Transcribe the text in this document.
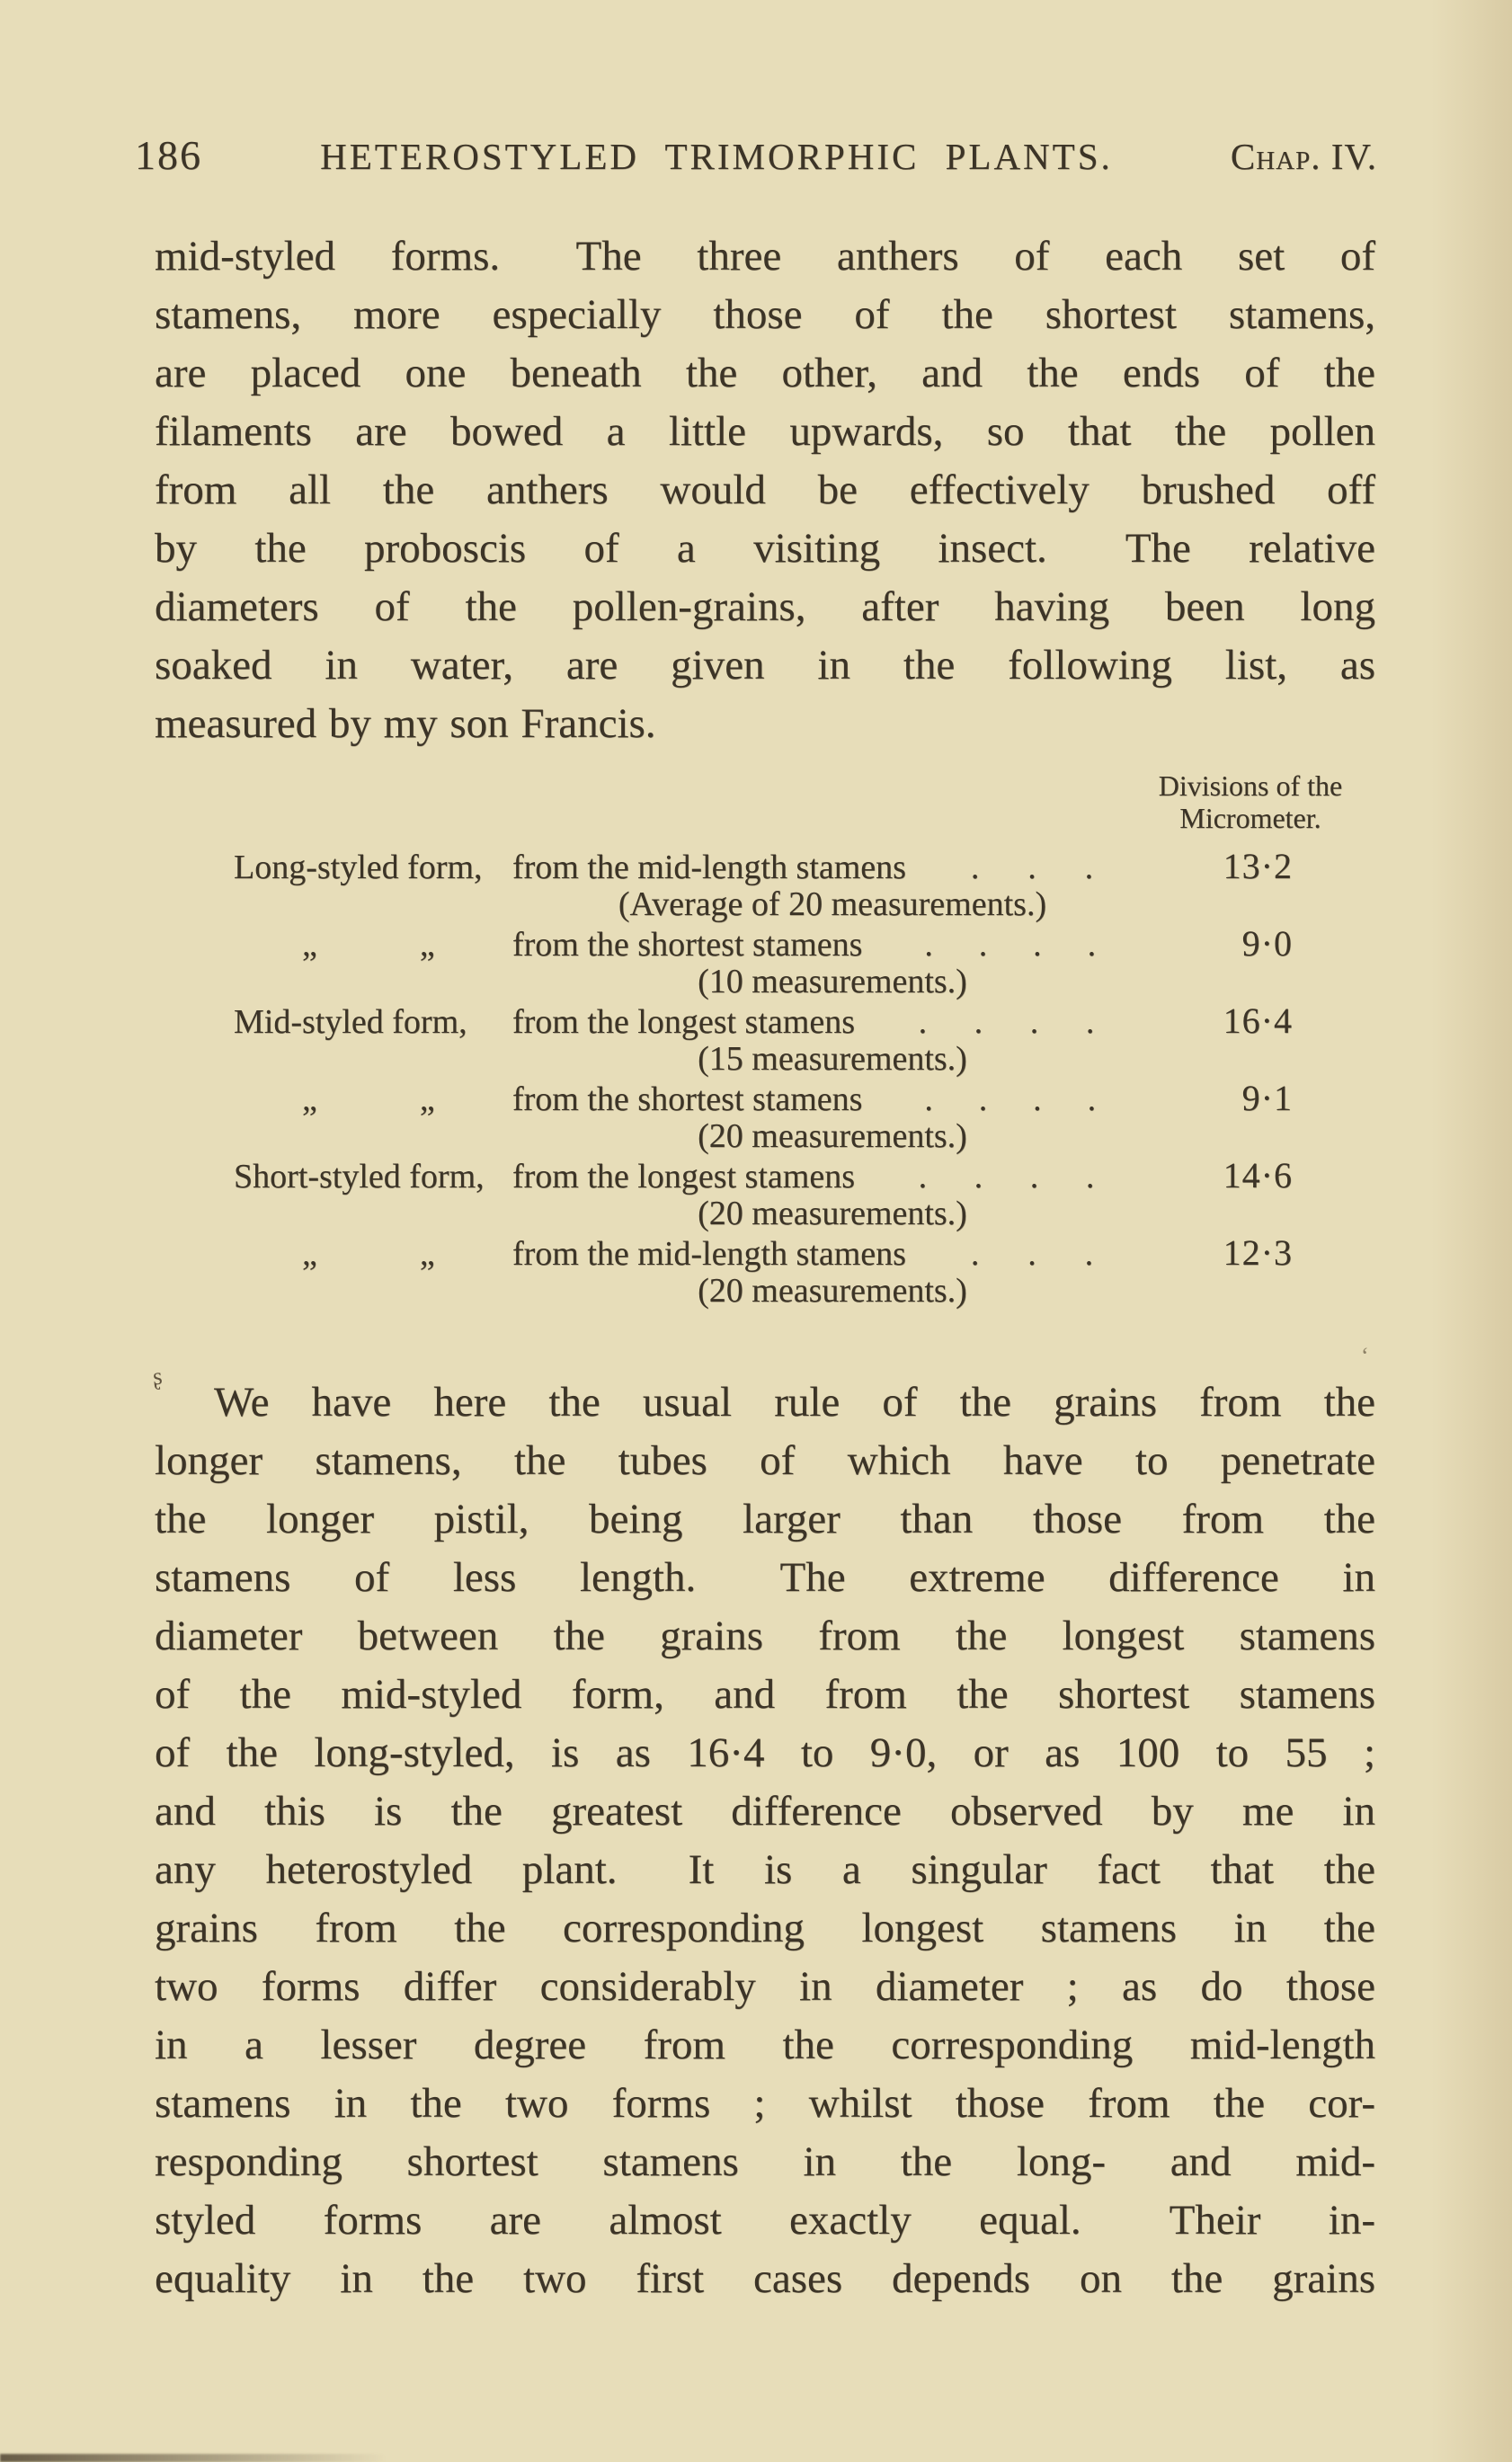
186	HETEROSTYLED TRIMORPHIC PLANTS.	Chap. IV.
mid-styled forms.  The three anthers of each set of
stamens, more especially those of the shortest stamens,
are placed one beneath the other, and the ends of the
filaments are bowed a little upwards, so that the pollen
from all the anthers would be effectively brushed off
by the proboscis of a visiting insect.  The relative
diameters of the pollen-grains, after having been long
soaked in water, are given in the following list, as
measured by my son Francis.
Divisions of the
Micrometer.
Long-styled form, from the mid-length stamens . . .	13·2
(Average of 20 measurements.)
  „   „	from the shortest stamens . . . .	9·0
(10 measurements.)
Mid-styled form,	from the longest stamens . . . .	16·4
(15 measurements.)
  „   „	from the shortest stamens . . . .	9·1
(20 measurements.)
Short-styled form, from the longest stamens . . . .	14·6
(20 measurements.)
  „   „	from the mid-length stamens . . .	12·3
(20 measurements.)
ʂ
‘
We have here the usual rule of the grains from the
longer stamens, the tubes of which have to penetrate
the longer pistil, being larger than those from the
stamens of less length.  The extreme difference in
diameter between the grains from the longest stamens
of the mid-styled form, and from the shortest stamens
of the long-styled, is as 16·4 to 9·0, or as 100 to 55 ;
and this is the greatest difference observed by me in
any heterostyled plant.  It is a singular fact that the
grains from the corresponding longest stamens in the
two forms differ considerably in diameter ; as do those
in a lesser degree from the corresponding mid-length
stamens in the two forms ; whilst those from the cor-
responding shortest stamens in the long- and mid-
styled forms are almost exactly equal.  Their in-
equality in the two first cases depends on the grains
